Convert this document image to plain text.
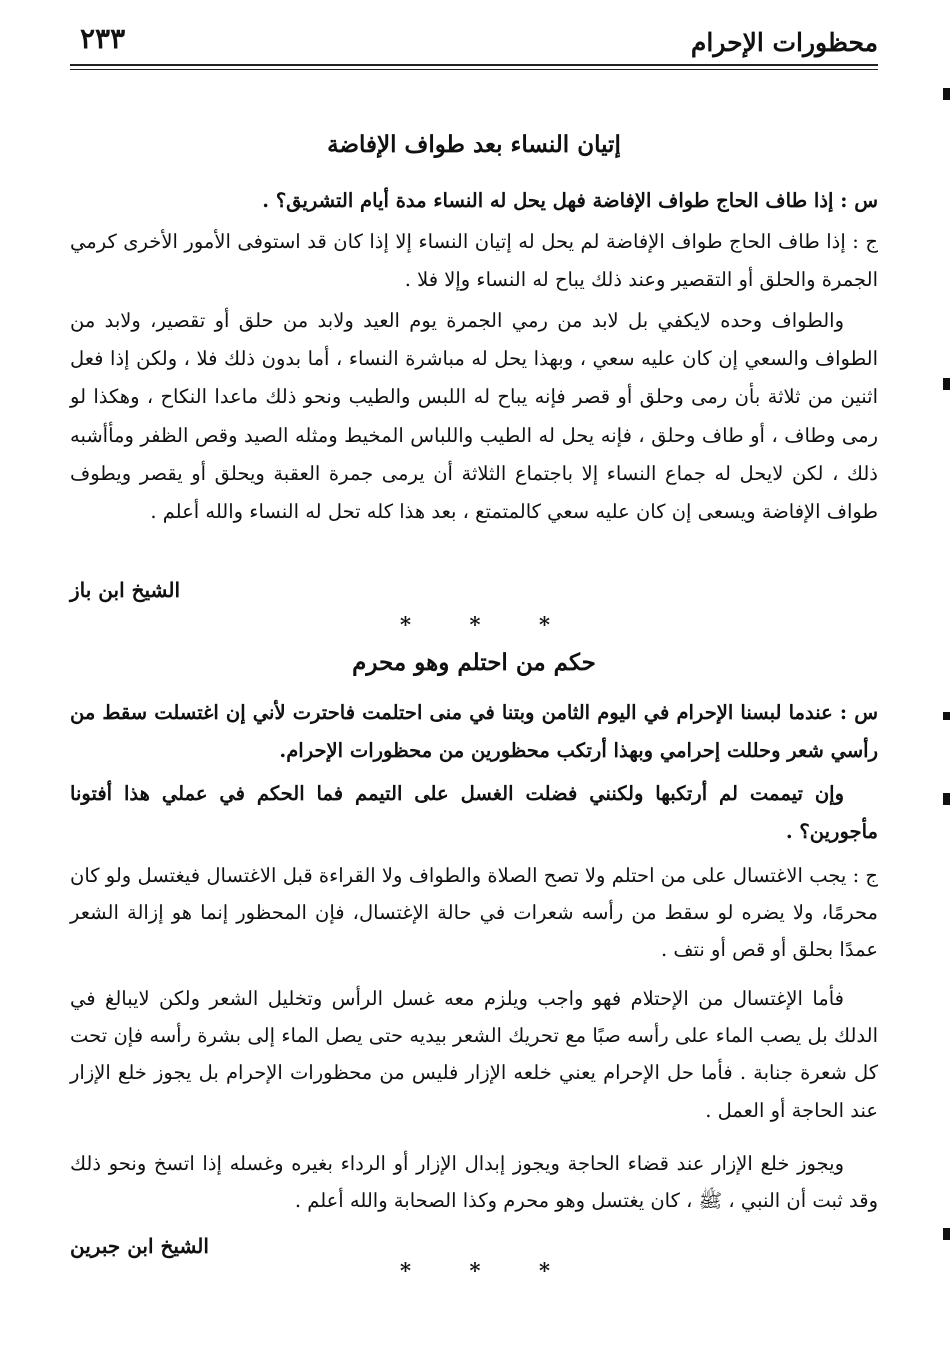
محظورات الإحرام
٢٣٣
إتيان النساء بعد طواف الإفاضة

س : إذا طاف الحاج طواف الإفاضة فهل يحل له النساء مدة أيام التشريق؟ .

ج : إذا طاف الحاج طواف الإفاضة لم يحل له إتيان النساء إلا إذا كان قد استوفى الأمور الأخرى كرمي الجمرة والحلق أو التقصير وعند ذلك يباح له النساء وإلا فلا .

والطواف وحده لايكفي بل لابد من رمي الجمرة يوم العيد ولابد من حلق أو تقصير، ولابد من الطواف والسعي إن كان عليه سعي ، وبهذا يحل له مباشرة النساء ، أما بدون ذلك فلا ، ولكن إذا فعل اثنين من ثلاثة بأن رمى وحلق أو قصر فإنه يباح له اللبس والطيب ونحو ذلك ماعدا النكاح ، وهكذا لو رمى وطاف ، أو طاف وحلق ، فإنه يحل له الطيب واللباس المخيط ومثله الصيد وقص الظفر ومأأشبه ذلك ، لكن لايحل له جماع النساء إلا باجتماع الثلاثة أن يرمى جمرة العقبة ويحلق أو يقصر ويطوف طواف الإفاضة ويسعى إن كان عليه سعي كالمتمتع ، بعد هذا كله تحل له النساء والله أعلم .

الشيخ ابن باز
*
*
*
حكم من احتلم وهو محرم

س : عندما لبسنا الإحرام في اليوم الثامن وبتنا في منى احتلمت فاحترت لأني إن اغتسلت سقط من رأسي شعر وحللت إحرامي وبهذا أرتكب محظورين من محظورات الإحرام.

وإن تيممت لم أرتكبها ولكنني فضلت الغسل على التيمم فما الحكم في عملي هذا أفتونا مأجورين؟ .

ج : يجب الاغتسال على من احتلم ولا تصح الصلاة والطواف ولا القراءة قبل الاغتسال فيغتسل ولو كان محرمًا، ولا يضره لو سقط من رأسه شعرات في حالة الإغتسال، فإن المحظور إنما هو إزالة الشعر عمدًا بحلق أو قص أو نتف .

فأما الإغتسال من الإحتلام فهو واجب ويلزم معه غسل الرأس وتخليل الشعر ولكن لايبالغ في الدلك بل يصب الماء على رأسه صبًا مع تحريك الشعر بيديه حتى يصل الماء إلى بشرة رأسه فإن تحت كل شعرة جنابة . فأما حل الإحرام يعني خلعه الإزار فليس من محظورات الإحرام بل يجوز خلع الإزار عند الحاجة أو العمل .

ويجوز خلع الإزار عند قضاء الحاجة ويجوز إبدال الإزار أو الرداء بغيره وغسله إذا اتسخ ونحو ذلك وقد ثبت أن النبي ، ﷺ ، كان يغتسل وهو محرم وكذا الصحابة والله أعلم .

الشيخ ابن جبرين
*
*
*
